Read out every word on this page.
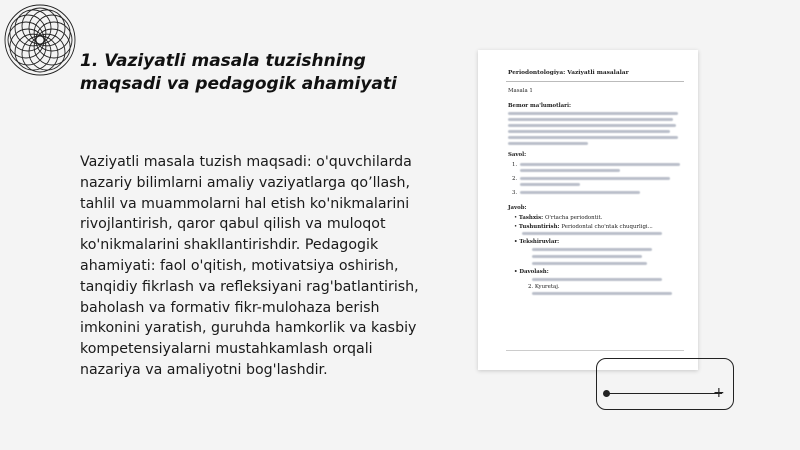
1. Vaziyatli masala tuzishning maqsadi va pedagogik ahamiyati
Vaziyatli masala tuzish maqsadi: o'quvchilarda nazariy bilimlarni amaliy vaziyatlarga qo’llash, tahlil va muammolarni hal etish ko'nikmalarini rivojlantirish, qaror qabul qilish va muloqot ko'nikmalarini shakllantirishdir. Pedagogik ahamiyati: faol o'qitish, motivatsiya oshirish, tanqidiy fikrlash va refleksiyani rag'batlantirish, baholash va formativ fikr-mulohaza berish imkonini yaratish, guruhda hamkorlik va kasbiy kompetensiyalarni mustahkamlash orqali nazariya va amaliyotni bog'lashdir.
Periodontologiya: Vaziyatli masalalar
Masala 1
Bemor ma'lumotlari:
Savol:
1.
2.
3.
Javob:
• Tashxis: O'rtacha periodontit.
• Tushuntirish: Periodontal cho'ntak chuqurligi...
• Tekshiruvlar:
• Davolash:
2. Kyuretaj.
+
